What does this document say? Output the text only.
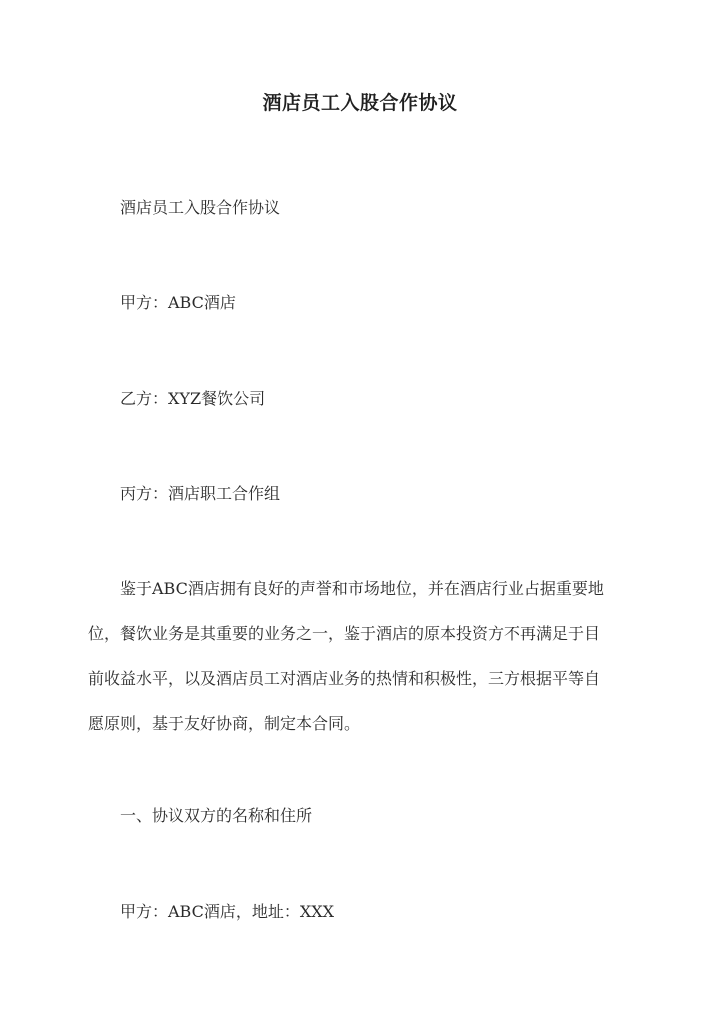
酒店员工入股合作协议
酒店员工入股合作协议
甲方：ABC酒店
乙方：XYZ餐饮公司
丙方：酒店职工合作组
鉴于ABC酒店拥有良好的声誉和市场地位，并在酒店行业占据重要地
位，餐饮业务是其重要的业务之一，鉴于酒店的原本投资方不再满足于目
前收益水平，以及酒店员工对酒店业务的热情和积极性，三方根据平等自
愿原则，基于友好协商，制定本合同。
一、协议双方的名称和住所
甲方：ABC酒店，地址：XXX
